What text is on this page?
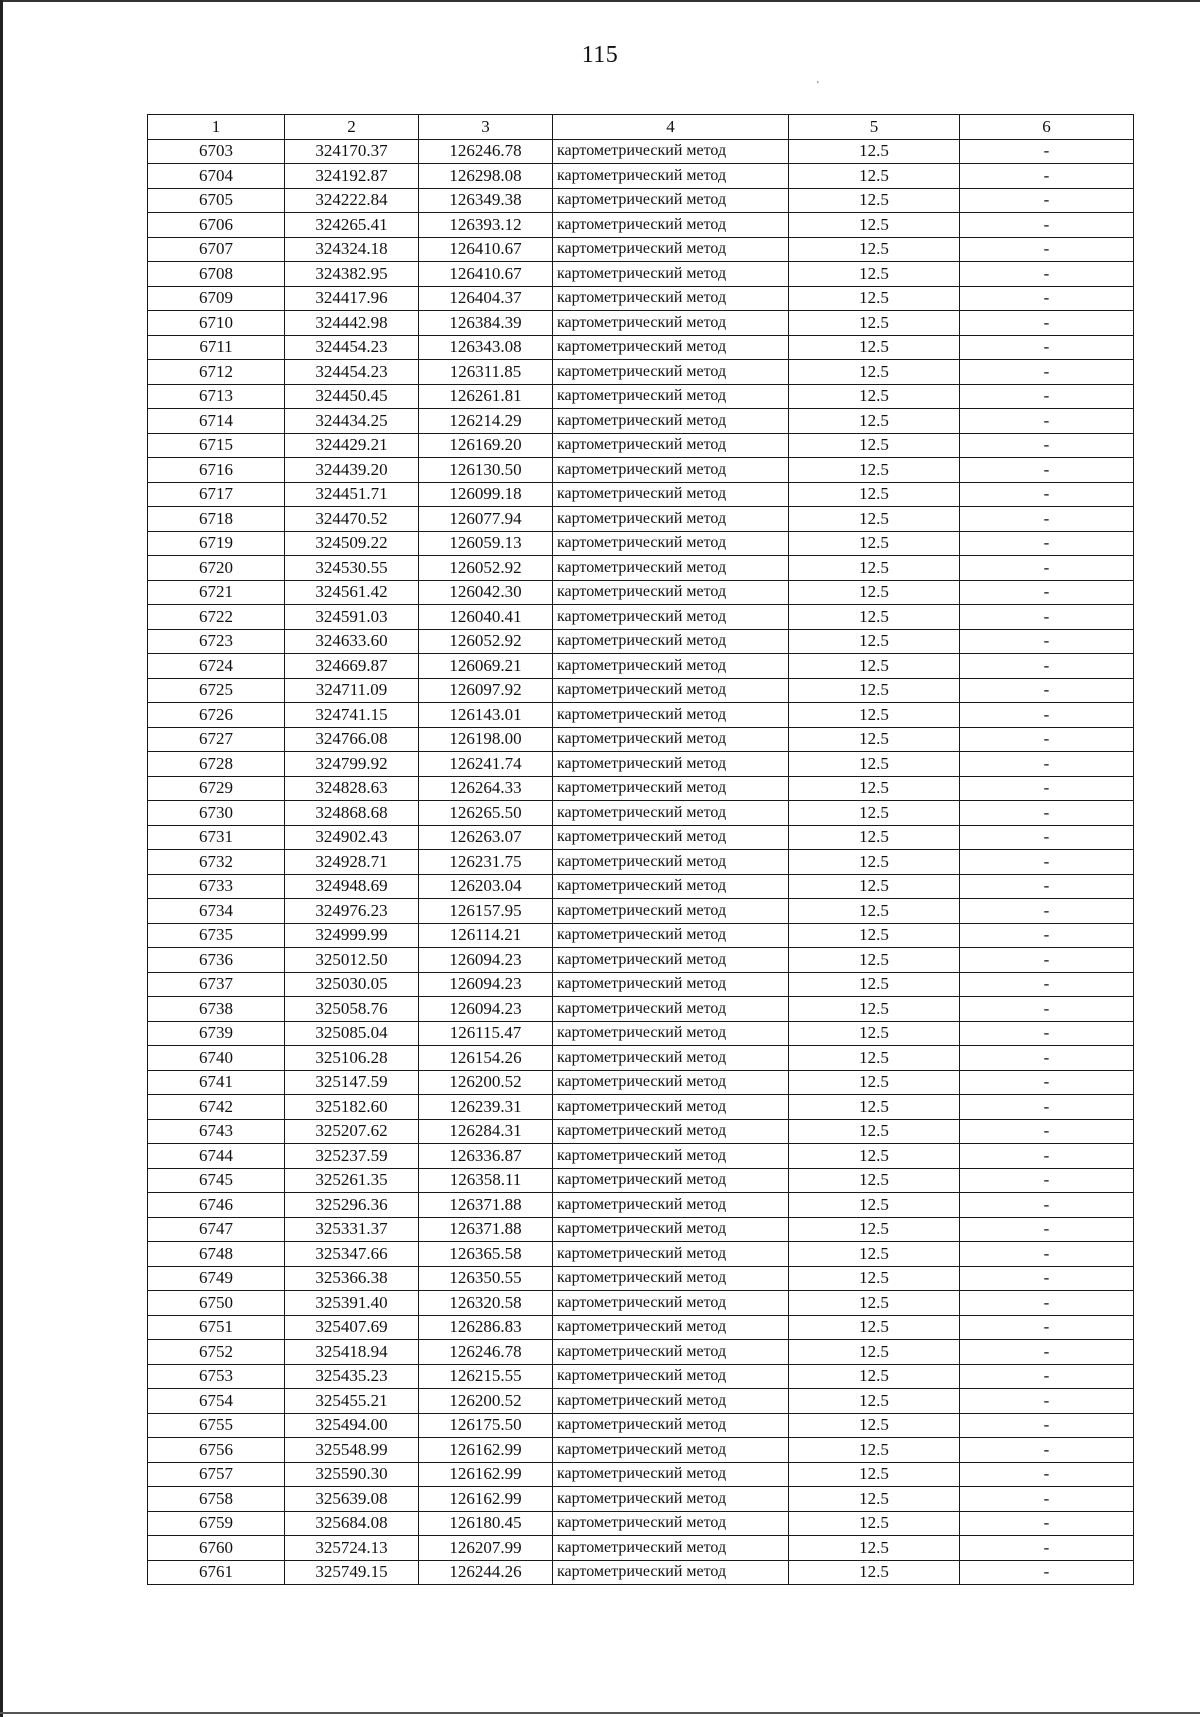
115
'
1	2	3	4	5	6
6703	324170.37	126246.78	картометрический метод	12.5	-
6704	324192.87	126298.08	картометрический метод	12.5	-
6705	324222.84	126349.38	картометрический метод	12.5	-
6706	324265.41	126393.12	картометрический метод	12.5	-
6707	324324.18	126410.67	картометрический метод	12.5	-
6708	324382.95	126410.67	картометрический метод	12.5	-
6709	324417.96	126404.37	картометрический метод	12.5	-
6710	324442.98	126384.39	картометрический метод	12.5	-
6711	324454.23	126343.08	картометрический метод	12.5	-
6712	324454.23	126311.85	картометрический метод	12.5	-
6713	324450.45	126261.81	картометрический метод	12.5	-
6714	324434.25	126214.29	картометрический метод	12.5	-
6715	324429.21	126169.20	картометрический метод	12.5	-
6716	324439.20	126130.50	картометрический метод	12.5	-
6717	324451.71	126099.18	картометрический метод	12.5	-
6718	324470.52	126077.94	картометрический метод	12.5	-
6719	324509.22	126059.13	картометрический метод	12.5	-
6720	324530.55	126052.92	картометрический метод	12.5	-
6721	324561.42	126042.30	картометрический метод	12.5	-
6722	324591.03	126040.41	картометрический метод	12.5	-
6723	324633.60	126052.92	картометрический метод	12.5	-
6724	324669.87	126069.21	картометрический метод	12.5	-
6725	324711.09	126097.92	картометрический метод	12.5	-
6726	324741.15	126143.01	картометрический метод	12.5	-
6727	324766.08	126198.00	картометрический метод	12.5	-
6728	324799.92	126241.74	картометрический метод	12.5	-
6729	324828.63	126264.33	картометрический метод	12.5	-
6730	324868.68	126265.50	картометрический метод	12.5	-
6731	324902.43	126263.07	картометрический метод	12.5	-
6732	324928.71	126231.75	картометрический метод	12.5	-
6733	324948.69	126203.04	картометрический метод	12.5	-
6734	324976.23	126157.95	картометрический метод	12.5	-
6735	324999.99	126114.21	картометрический метод	12.5	-
6736	325012.50	126094.23	картометрический метод	12.5	-
6737	325030.05	126094.23	картометрический метод	12.5	-
6738	325058.76	126094.23	картометрический метод	12.5	-
6739	325085.04	126115.47	картометрический метод	12.5	-
6740	325106.28	126154.26	картометрический метод	12.5	-
6741	325147.59	126200.52	картометрический метод	12.5	-
6742	325182.60	126239.31	картометрический метод	12.5	-
6743	325207.62	126284.31	картометрический метод	12.5	-
6744	325237.59	126336.87	картометрический метод	12.5	-
6745	325261.35	126358.11	картометрический метод	12.5	-
6746	325296.36	126371.88	картометрический метод	12.5	-
6747	325331.37	126371.88	картометрический метод	12.5	-
6748	325347.66	126365.58	картометрический метод	12.5	-
6749	325366.38	126350.55	картометрический метод	12.5	-
6750	325391.40	126320.58	картометрический метод	12.5	-
6751	325407.69	126286.83	картометрический метод	12.5	-
6752	325418.94	126246.78	картометрический метод	12.5	-
6753	325435.23	126215.55	картометрический метод	12.5	-
6754	325455.21	126200.52	картометрический метод	12.5	-
6755	325494.00	126175.50	картометрический метод	12.5	-
6756	325548.99	126162.99	картометрический метод	12.5	-
6757	325590.30	126162.99	картометрический метод	12.5	-
6758	325639.08	126162.99	картометрический метод	12.5	-
6759	325684.08	126180.45	картометрический метод	12.5	-
6760	325724.13	126207.99	картометрический метод	12.5	-
6761	325749.15	126244.26	картометрический метод	12.5	-
